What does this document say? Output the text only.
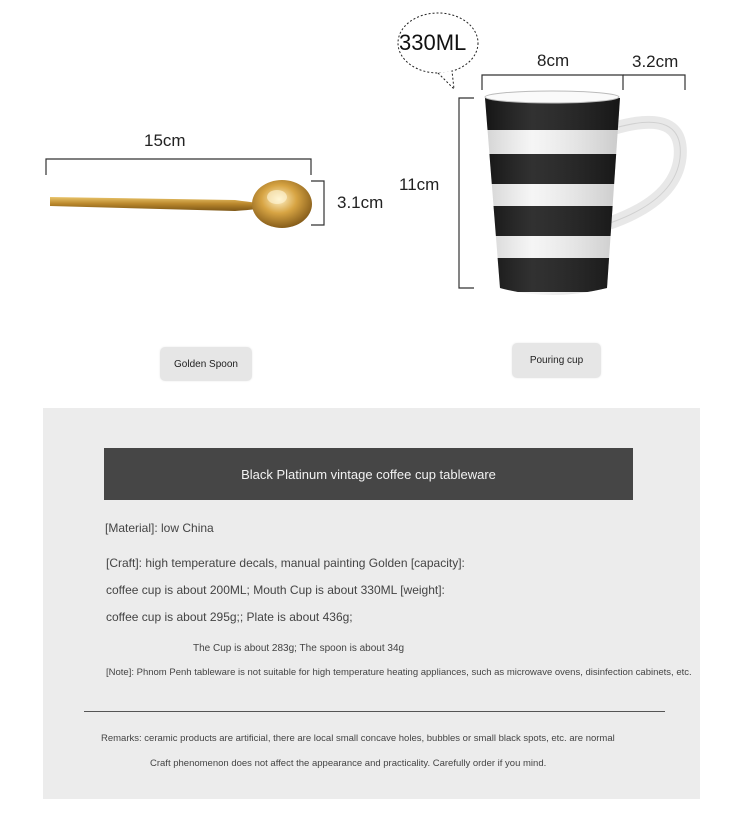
15cm
3.1cm
330ML
8cm	3.2cm
11cm
Golden Spoon	Pouring cup
Black Platinum vintage coffee cup tableware
[Material]: low China
[Craft]: high temperature decals, manual painting Golden [capacity]:
coffee cup is about 200ML; Mouth Cup is about 330ML [weight]:
coffee cup is about 295g;; Plate is about 436g;
The Cup is about 283g; The spoon is about 34g
[Note]: Phnom Penh tableware is not suitable for high temperature heating appliances, such as microwave ovens, disinfection cabinets, etc.
Remarks: ceramic products are artificial, there are local small concave holes, bubbles or small black spots, etc. are normal
Craft phenomenon does not affect the appearance and practicality. Carefully order if you mind.
